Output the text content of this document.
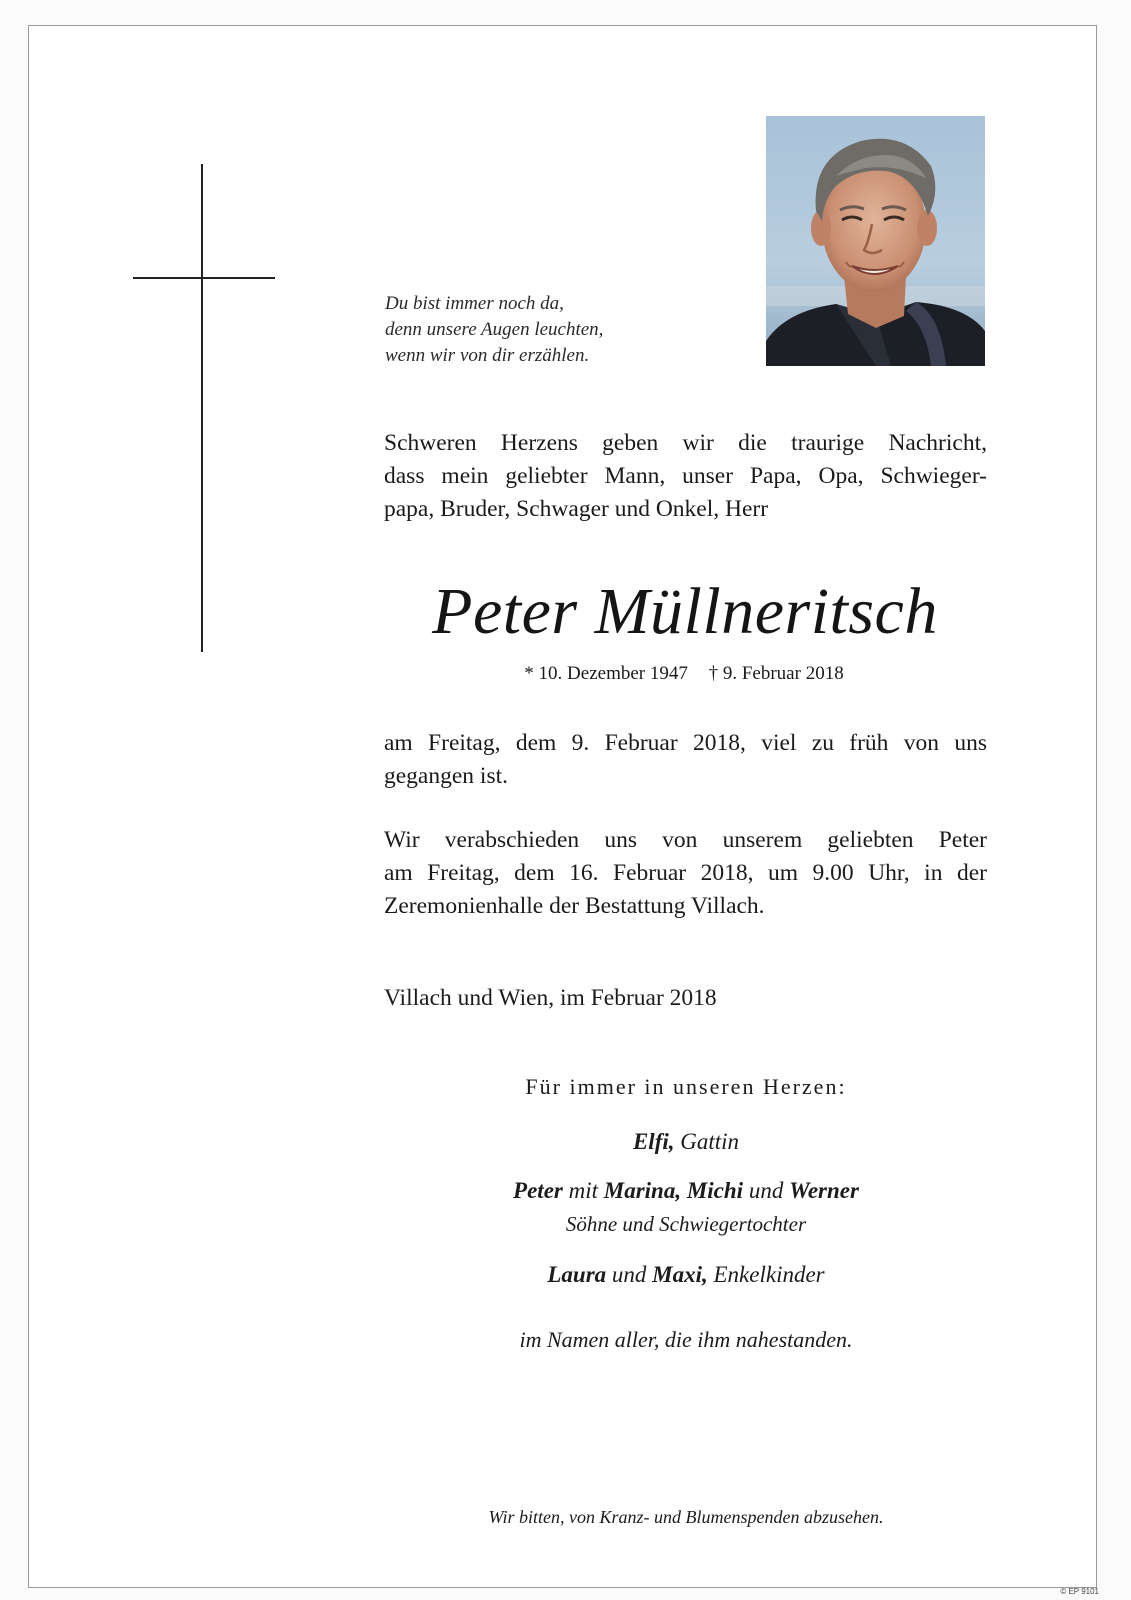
Du bist immer noch da,
denn unsere Augen leuchten,
wenn wir von dir erzählen.
Schweren Herzens geben wir die traurige Nachricht,
dass mein geliebter Mann, unser Papa, Opa, Schwieger-
papa, Bruder, Schwager und Onkel, Herr
Peter Müllneritsch
* 10. Dezember 1947 † 9. Februar 2018
am Freitag, dem 9. Februar 2018, viel zu früh von uns
gegangen ist.
Wir verabschieden uns von unserem geliebten Peter
am Freitag, dem 16. Februar 2018, um 9.00 Uhr, in der
Zeremonienhalle der Bestattung Villach.
Villach und Wien, im Februar 2018
Für immer in unseren Herzen:
Elfi, Gattin
Peter mit Marina, Michi und Werner
Söhne und Schwiegertochter
Laura und Maxi, Enkelkinder
im Namen aller, die ihm nahestanden.
Wir bitten, von Kranz- und Blumenspenden abzusehen.
© EP 9101
